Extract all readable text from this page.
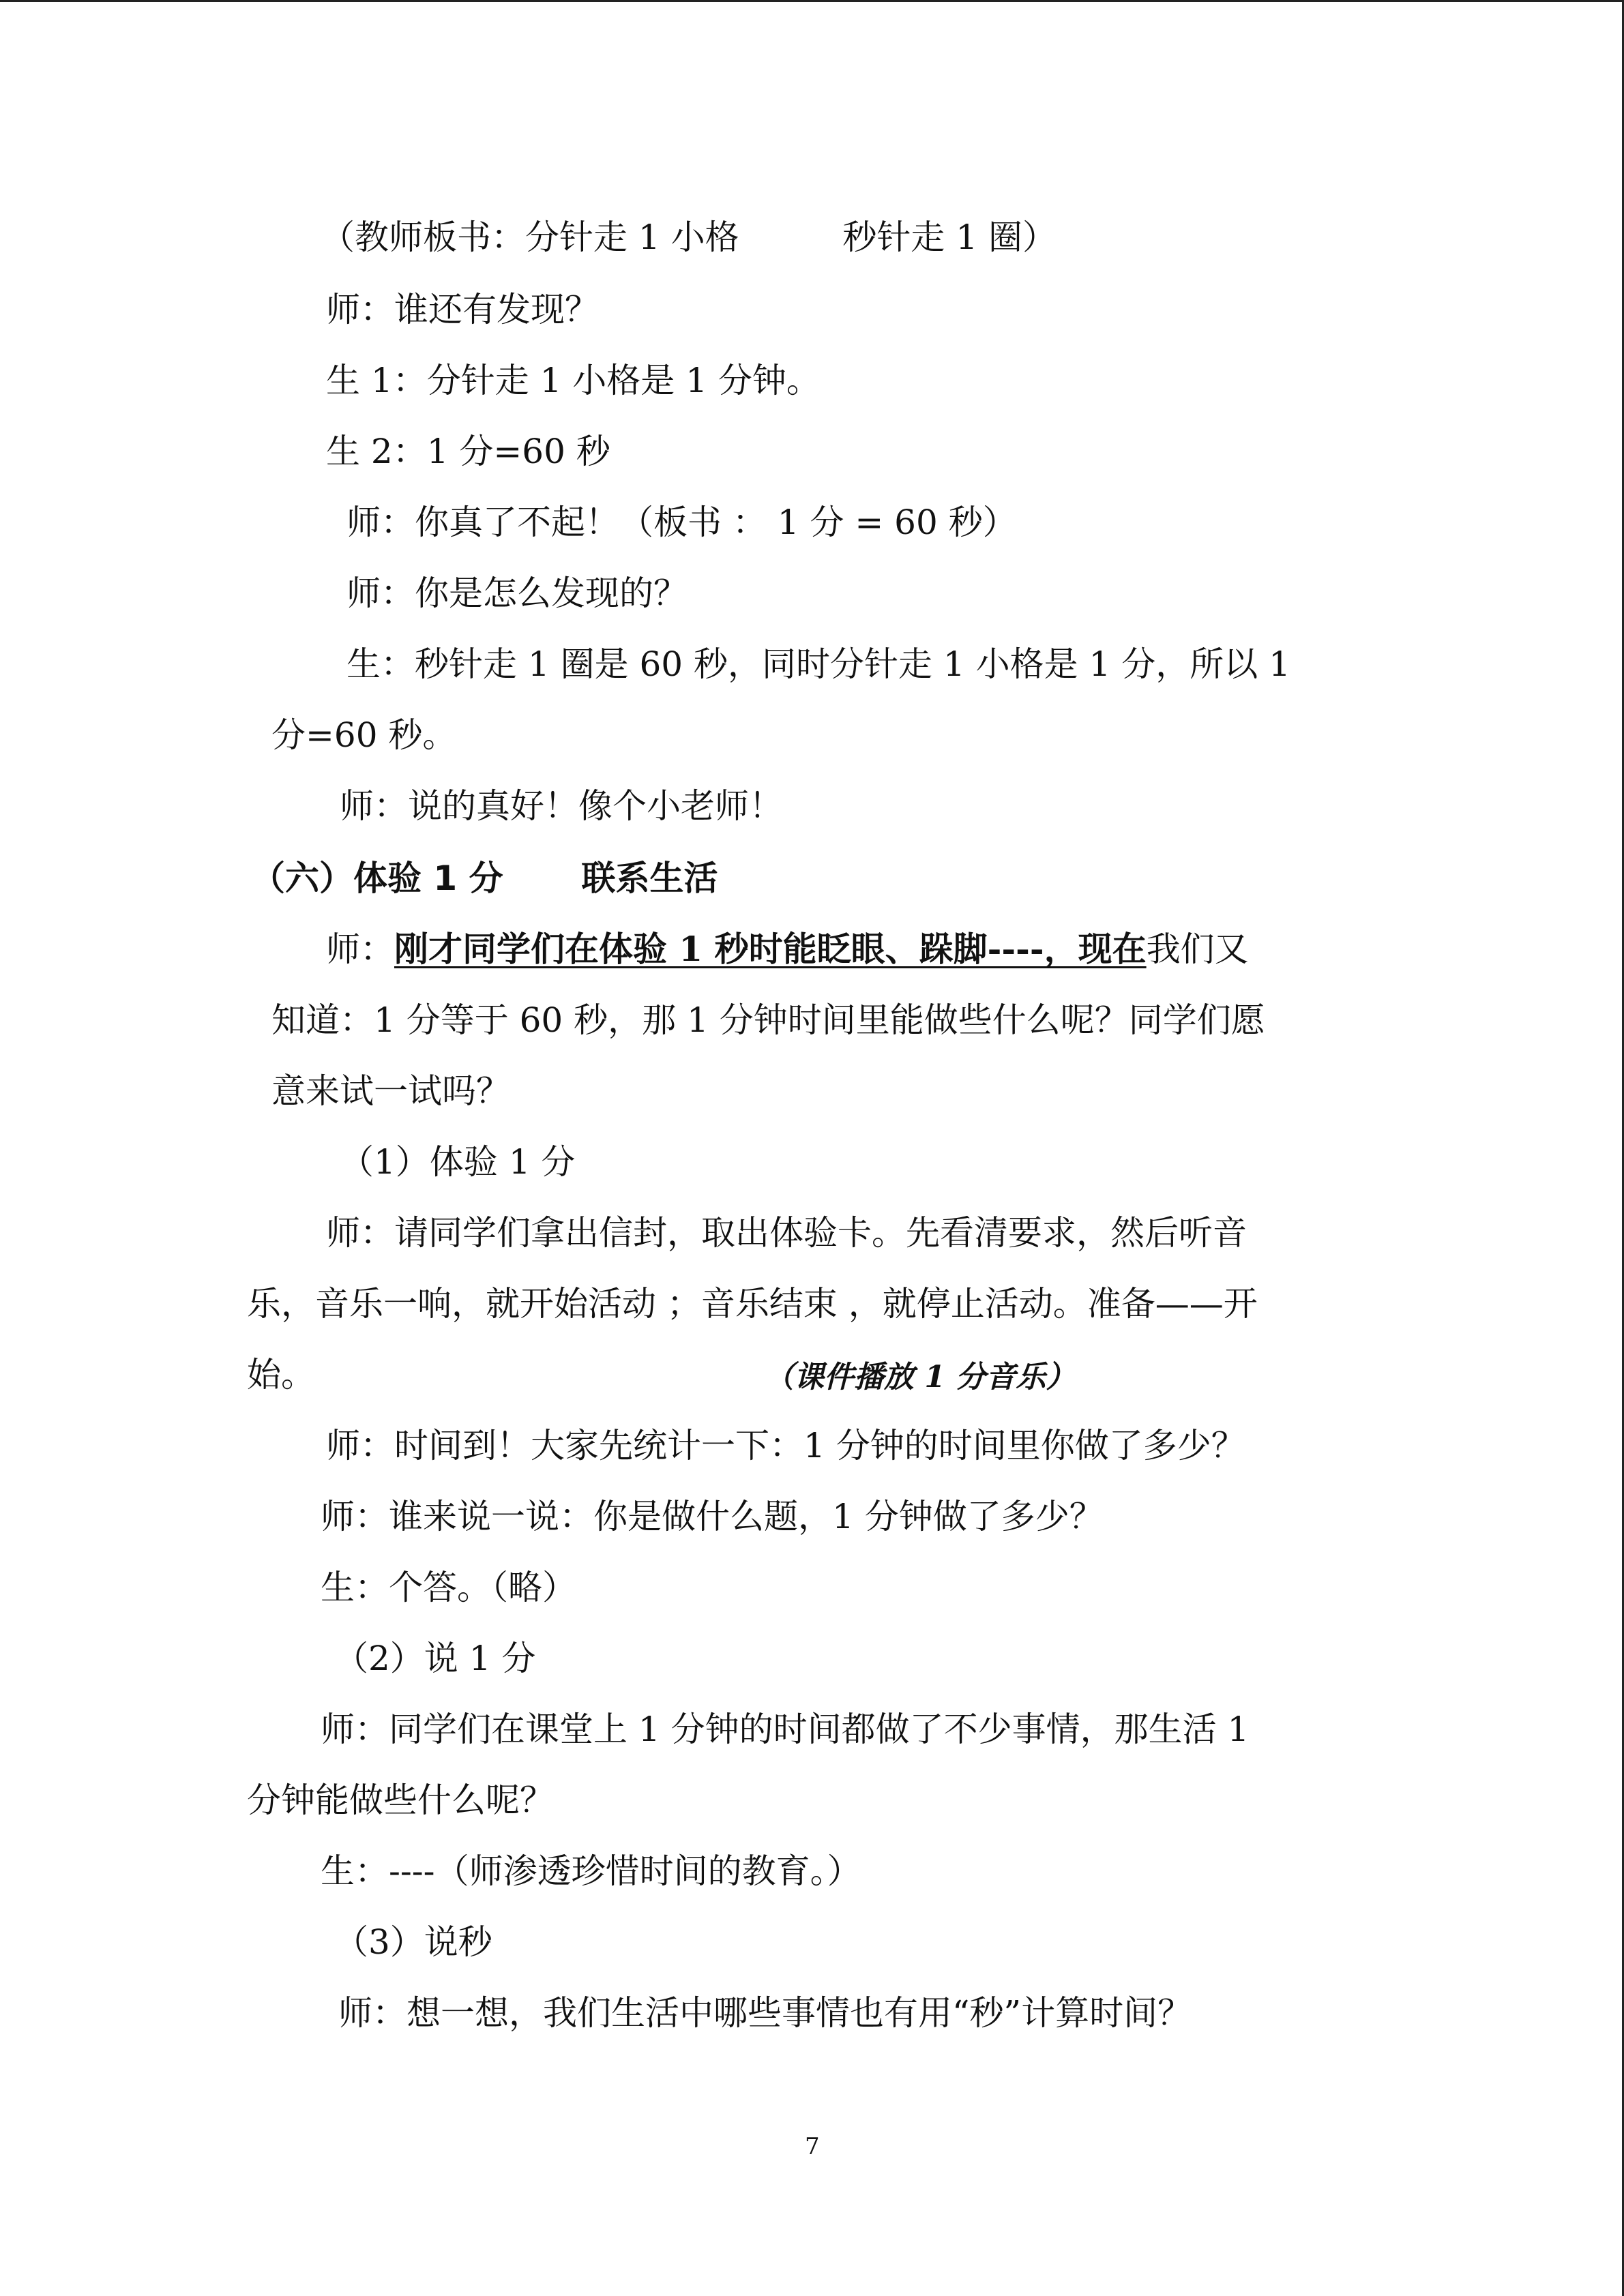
（教师板书：分针走 1 小格	秒针走 1 圈）
师：谁还有发现？
生 1：分针走 1 小格是 1 分钟。
生 2：1 分=60 秒
师：你真了不起！（板书 ： 1 分 = 60 秒）
师：你是怎么发现的？
生：秒针走 1 圈是 60 秒，同时分针走 1 小格是 1 分，所以 1
分=60 秒。
师：说的真好！像个小老师！
（六）体验 1 分 联系生活
师：刚才同学们在体验 1 秒时能眨眼、跺脚----，现在我们又
知道：1 分等于 60 秒，那 1 分钟时间里能做些什么呢？同学们愿
意来试一试吗？
（1）体验 1 分
师：请同学们拿出信封，取出体验卡。先看清要求，然后听音
乐，音乐一响，就开始活动 ；音乐结束 ，就停止活动。准备——开
始。	（课件播放 1 分音乐）
师：时间到！大家先统计一下：1 分钟的时间里你做了多少？
师：谁来说一说：你是做什么题，1 分钟做了多少？
生：个答。（略）
（2）说 1 分
师：同学们在课堂上 1 分钟的时间都做了不少事情，那生活 1
分钟能做些什么呢？
生：----（师渗透珍惜时间的教育。）
（3）说秒
师：想一想，我们生活中哪些事情也有用“秒”计算时间？
7
